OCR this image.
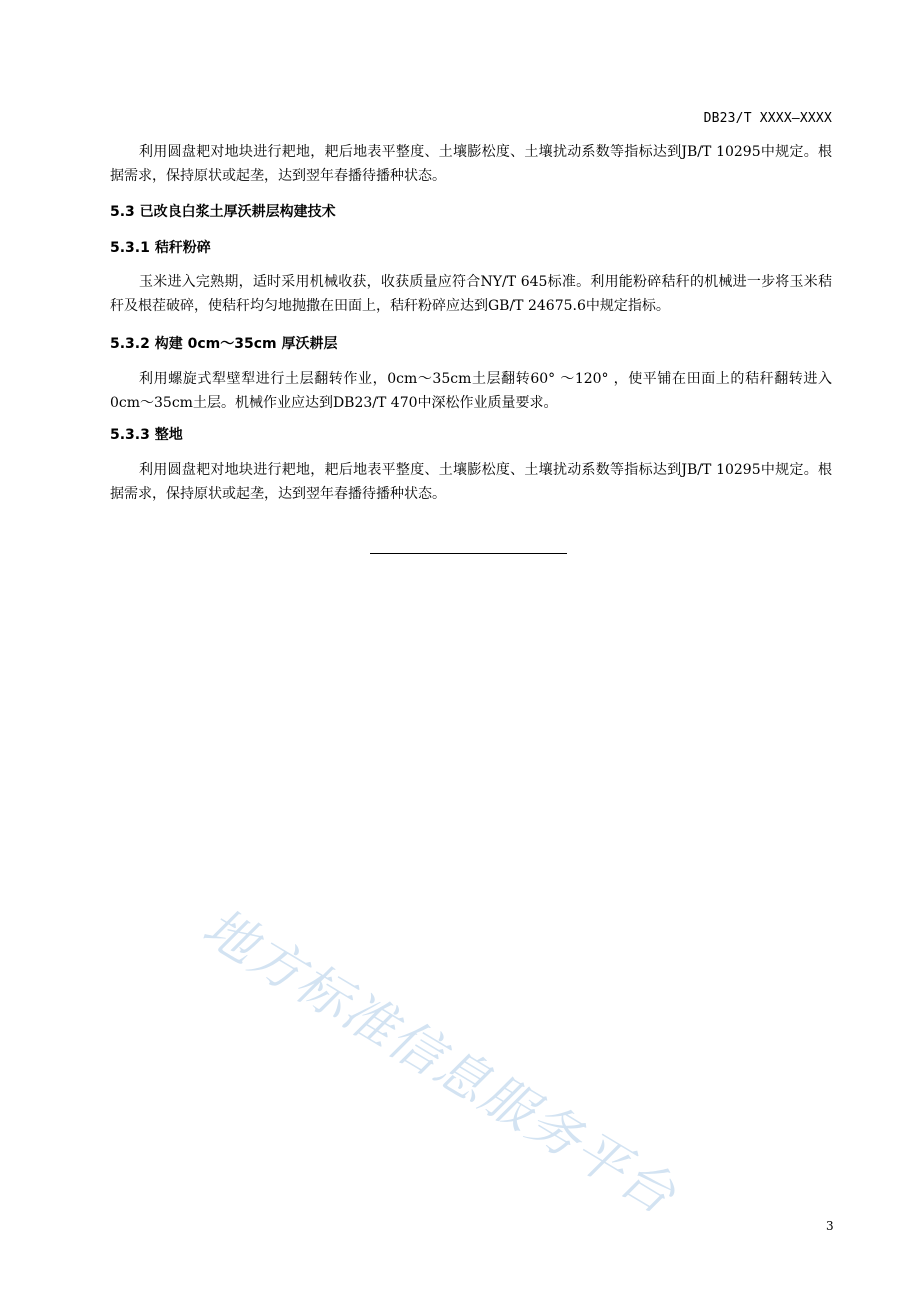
DB23/T XXXX—XXXX

利用圆盘耙对地块进行耙地，耙后地表平整度、土壤膨松度、土壤扰动系数等指标达到JB/T 10295中规定。根据需求，保持原状或起垄，达到翌年春播待播种状态。

5.3 已改良白浆土厚沃耕层构建技术
5.3.1 秸秆粉碎

玉米进入完熟期，适时采用机械收获，收获质量应符合NY/T 645标准。利用能粉碎秸秆的机械进一步将玉米秸秆及根茬破碎，使秸秆均匀地抛撒在田面上，秸秆粉碎应达到GB/T 24675.6中规定指标。

5.3.2 构建 0cm～35cm 厚沃耕层

利用螺旋式犁壁犁进行土层翻转作业，0cm～35cm土层翻转60° ～120° ，使平铺在田面上的秸秆翻转进入0cm～35cm土层。机械作业应达到DB23/T 470中深松作业质量要求。

5.3.3 整地

利用圆盘耙对地块进行耙地，耙后地表平整度、土壤膨松度、土壤扰动系数等指标达到JB/T 10295中规定。根据需求，保持原状或起垄，达到翌年春播待播种状态。

地方标准信息服务平台	3
